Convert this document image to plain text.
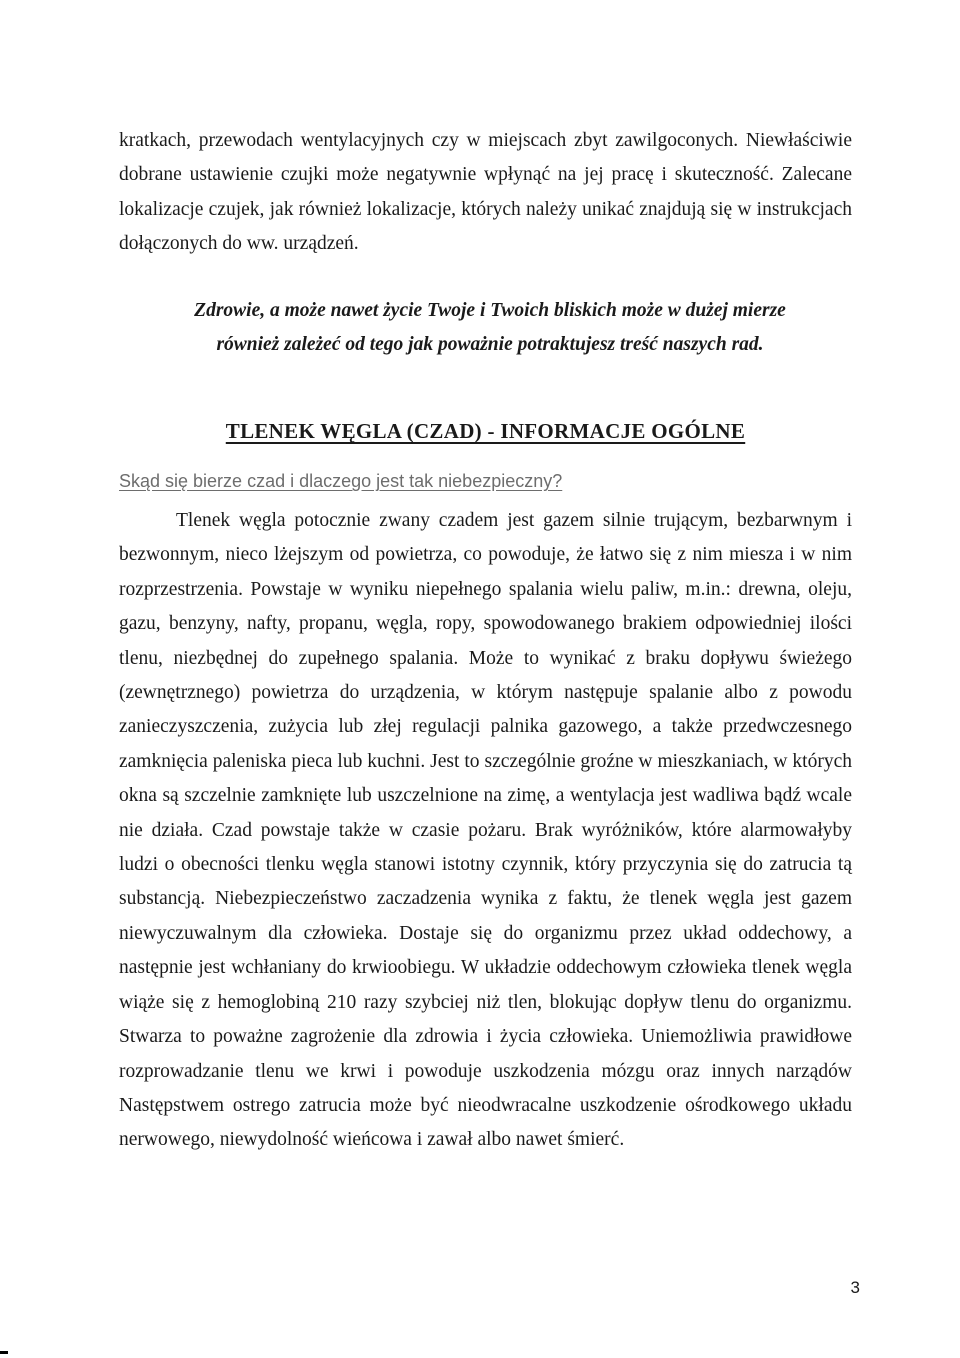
kratkach, przewodach wentylacyjnych czy w miejscach zbyt zawilgoconych. Niewłaściwie dobrane ustawienie czujki może negatywnie wpłynąć na jej pracę i skuteczność. Zalecane lokalizacje czujek, jak również lokalizacje, których należy unikać znajdują się w instrukcjach dołączonych do ww. urządzeń.

Zdrowie, a może nawet życie Twoje i Twoich bliskich może w dużej mierze również zależeć od tego jak poważnie potraktujesz treść naszych rad.

TLENEK WĘGLA (CZAD) - INFORMACJE OGÓLNE

Skąd się bierze czad i dlaczego jest tak niebezpieczny?

Tlenek węgla potocznie zwany czadem jest gazem silnie trującym, bezbarwnym i bezwonnym, nieco lżejszym od powietrza, co powoduje, że łatwo się z nim miesza i w nim rozprzestrzenia. Powstaje w wyniku niepełnego spalania wielu paliw, m.in.: drewna, oleju, gazu, benzyny, nafty, propanu, węgla, ropy, spowodowanego brakiem odpowiedniej ilości tlenu, niezbędnej do zupełnego spalania. Może to wynikać z braku dopływu świeżego (zewnętrznego) powietrza do urządzenia, w którym następuje spalanie albo z powodu zanieczyszczenia, zużycia lub złej regulacji palnika gazowego, a także przedwczesnego zamknięcia paleniska pieca lub kuchni. Jest to szczególnie groźne w mieszkaniach, w których okna są szczelnie zamknięte lub uszczelnione na zimę, a wentylacja jest wadliwa bądź wcale nie działa. Czad powstaje także w czasie pożaru. Brak wyróżników, które alarmowałyby ludzi o obecności tlenku węgla stanowi istotny czynnik, który przyczynia się do zatrucia tą substancją. Niebezpieczeństwo zaczadzenia wynika z faktu, że tlenek węgla jest gazem niewyczuwalnym dla człowieka. Dostaje się do organizmu przez układ oddechowy, a następnie jest wchłaniany do krwioobiegu. W układzie oddechowym człowieka tlenek węgla wiąże się z hemoglobiną 210 razy szybciej niż tlen, blokując dopływ tlenu do organizmu. Stwarza to poważne zagrożenie dla zdrowia i życia człowieka. Uniemożliwia prawidłowe rozprowadzanie tlenu we krwi i powoduje uszkodzenia mózgu oraz innych narządów Następstwem ostrego zatrucia może być nieodwracalne uszkodzenie ośrodkowego układu nerwowego, niewydolność wieńcowa i zawał albo nawet śmierć.

3
